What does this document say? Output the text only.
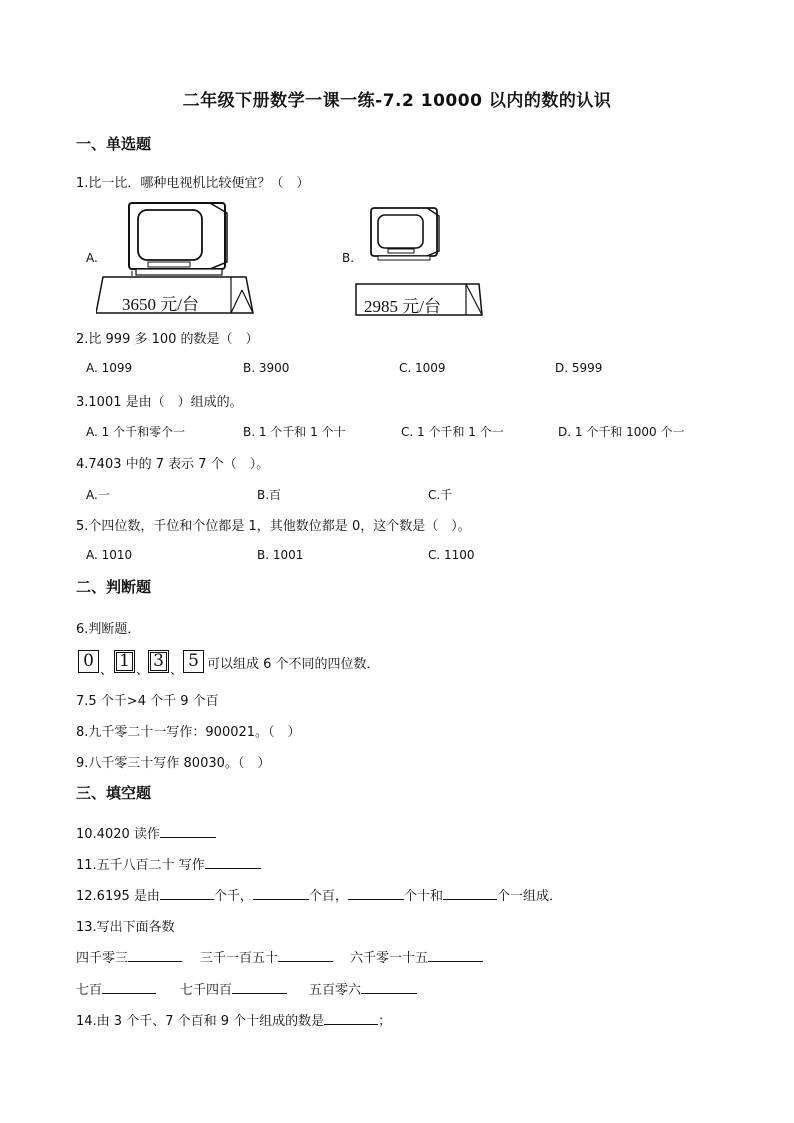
二年级下册数学一课一练-7.2 10000 以内的数的认识
一、单选题
1.比一比．哪种电视机比较便宜？（　）
A.
3650 元/台
B.
2985 元/台
2.比 999 多 100 的数是（　）
A. 1099	B. 3900	C. 1009	D. 5999
3.1001 是由（　）组成的。
A. 1 个千和零个一	B. 1 个千和 1 个十	C. 1 个千和 1 个一	D. 1 个千和 1000 个一
4.7403 中的 7 表示 7 个（　）。
A.一	B.百	C.千
5.个四位数，千位和个位都是 1，其他数位都是 0，这个数是（　）。
A. 1010	B. 1001	C. 1100
二、判断题
6.判断题．
0 、 1 、 3 、 5 可以组成 6 个不同的四位数．
7.5 个千>4 个千 9 个百
8.九千零二十一写作：900021。（　）
9.八千零三十写作 80030。（　）
三、填空题
10.4020 读作
11.五千八百二十 写作
12.6195 是由	个千，	个百，	个十和	个一组成．
13.写出下面各数
四千零三	三千一百五十	六千零一十五
七百	七千四百	五百零六
14.由 3 个千、7 个百和 9 个十组成的数是	；
